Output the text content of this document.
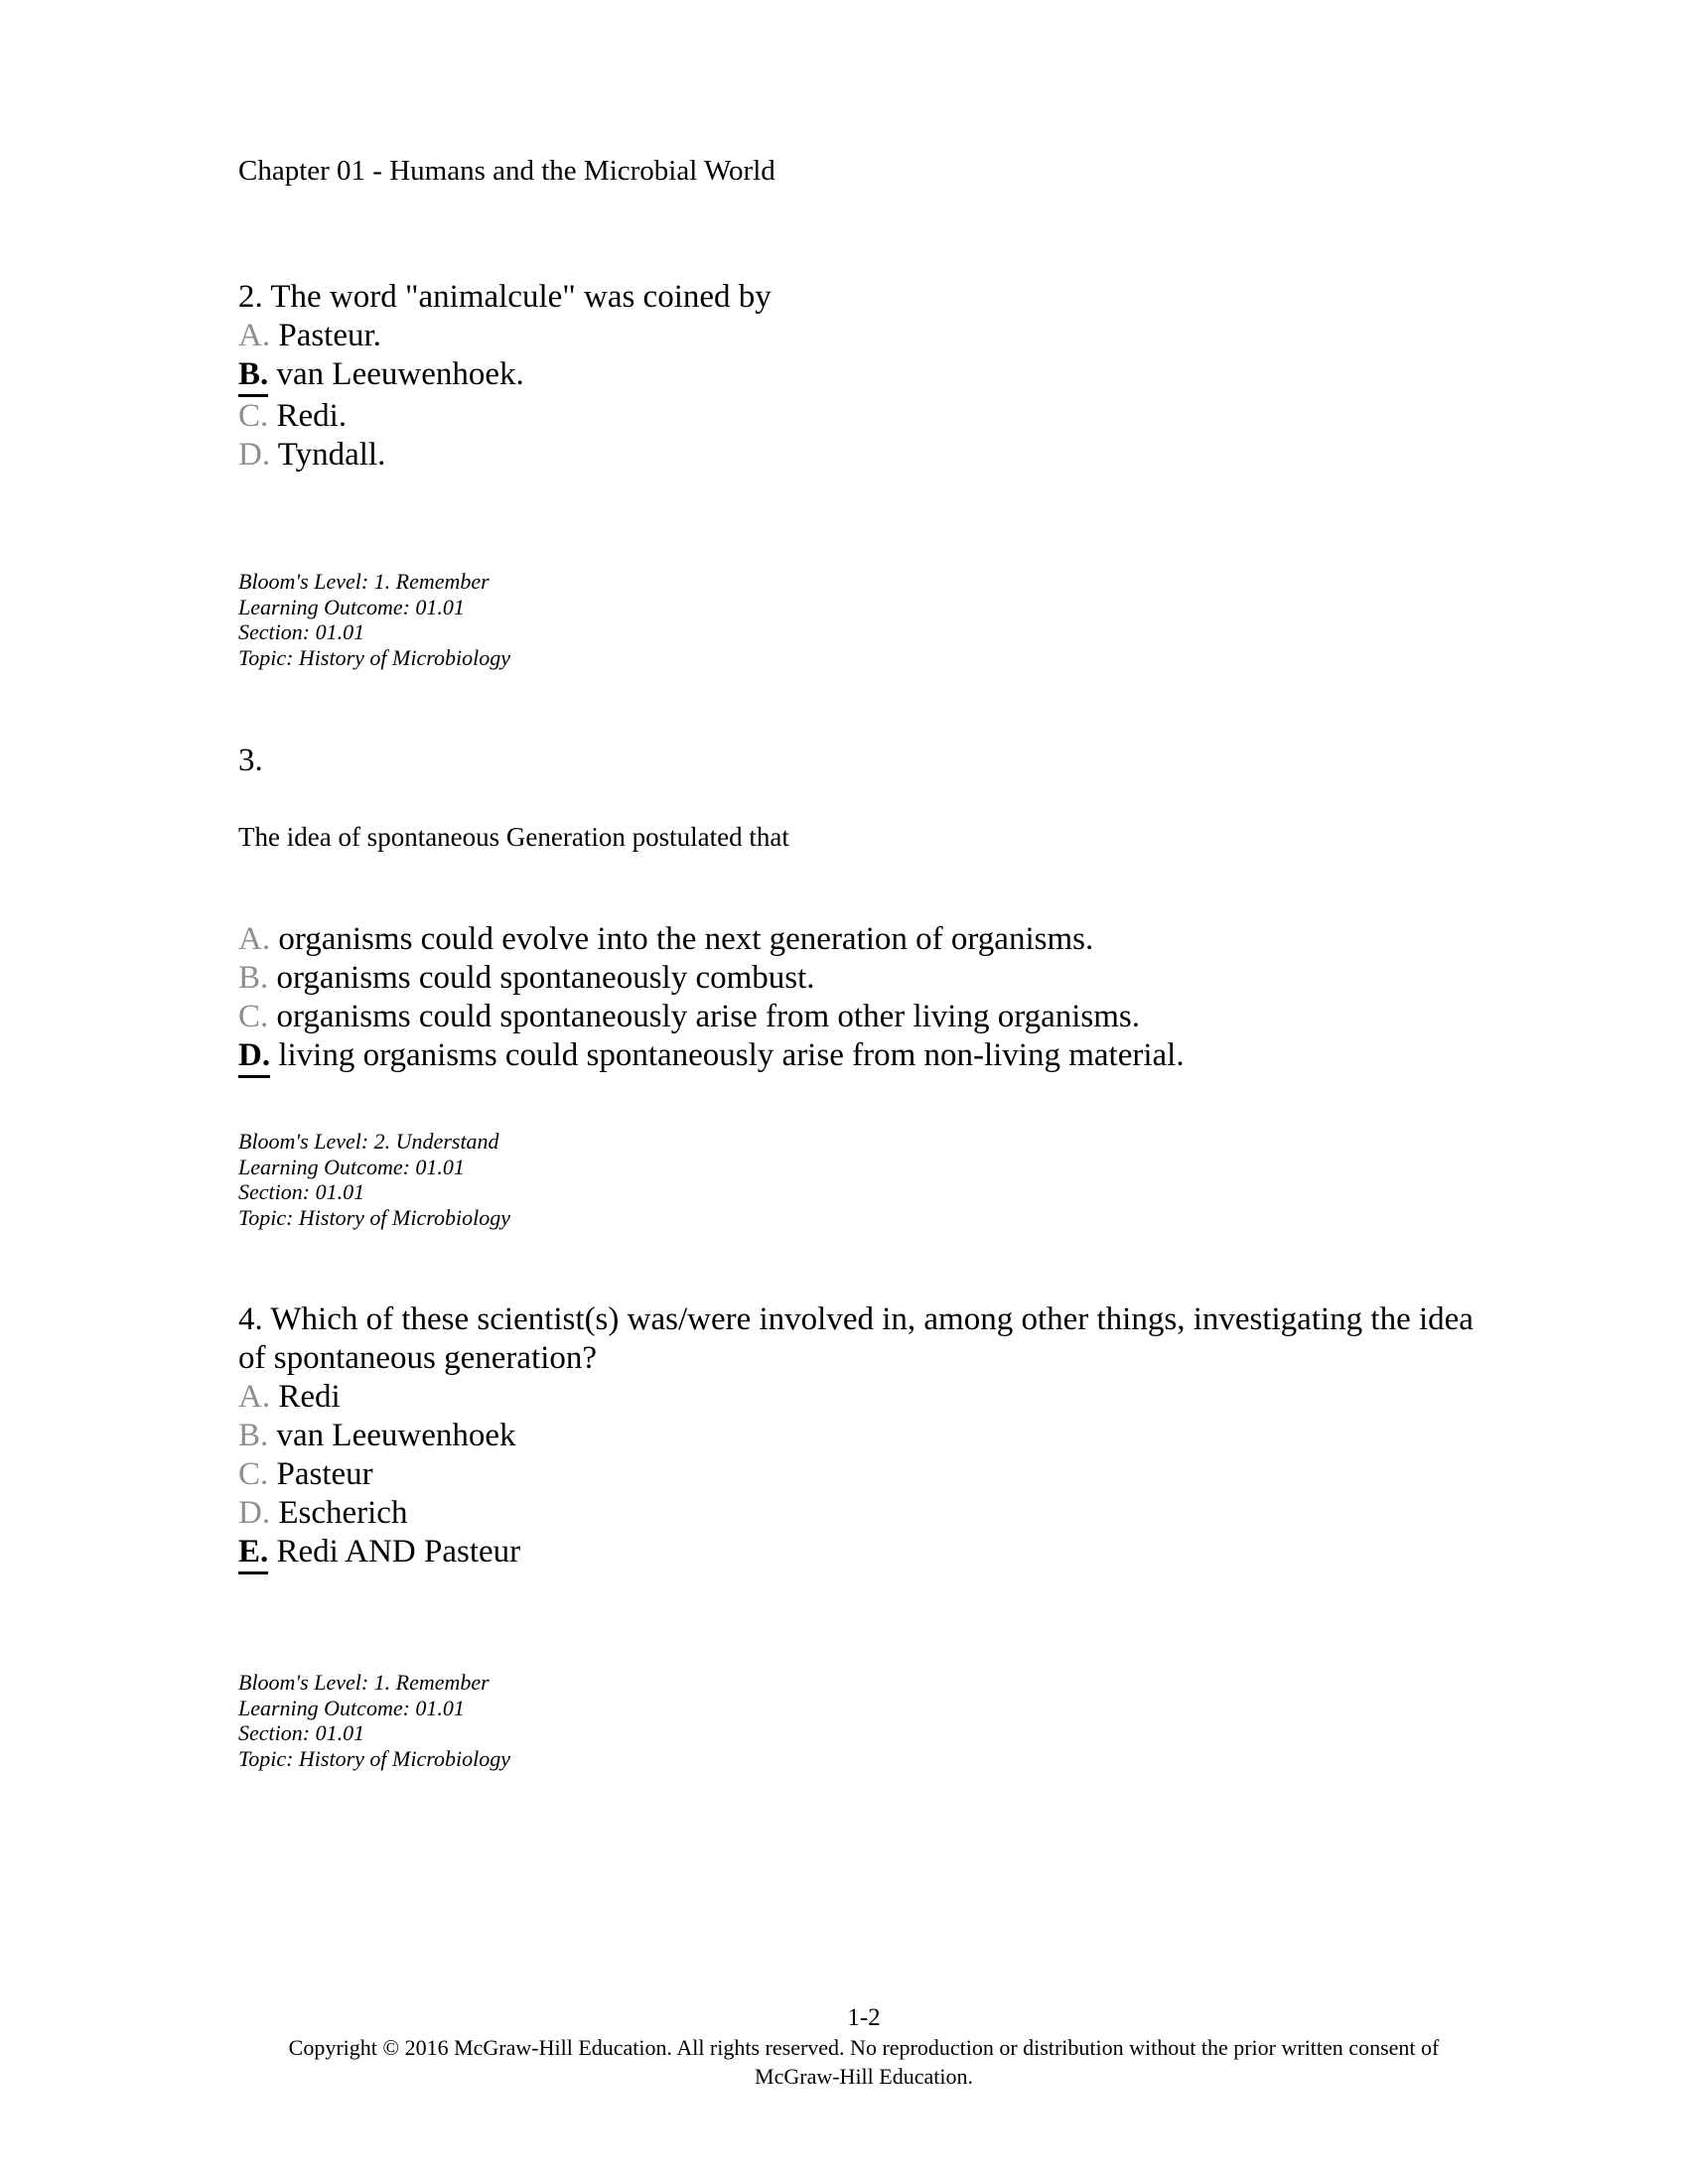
Chapter 01 - Humans and the Microbial World
2. The word "animalcule" was coined by
A. Pasteur.
B. van Leeuwenhoek.
C. Redi.
D. Tyndall.
Bloom's Level: 1. Remember
Learning Outcome: 01.01
Section: 01.01
Topic: History of Microbiology
3.
The idea of spontaneous Generation postulated that
A. organisms could evolve into the next generation of organisms.
B. organisms could spontaneously combust.
C. organisms could spontaneously arise from other living organisms.
D. living organisms could spontaneously arise from non-living material.
Bloom's Level: 2. Understand
Learning Outcome: 01.01
Section: 01.01
Topic: History of Microbiology
4. Which of these scientist(s) was/were involved in, among other things, investigating the idea
of spontaneous generation?
A. Redi
B. van Leeuwenhoek
C. Pasteur
D. Escherich
E. Redi AND Pasteur
Bloom's Level: 1. Remember
Learning Outcome: 01.01
Section: 01.01
Topic: History of Microbiology
1-2
Copyright © 2016 McGraw-Hill Education. All rights reserved. No reproduction or distribution without the prior written consent of
McGraw-Hill Education.
